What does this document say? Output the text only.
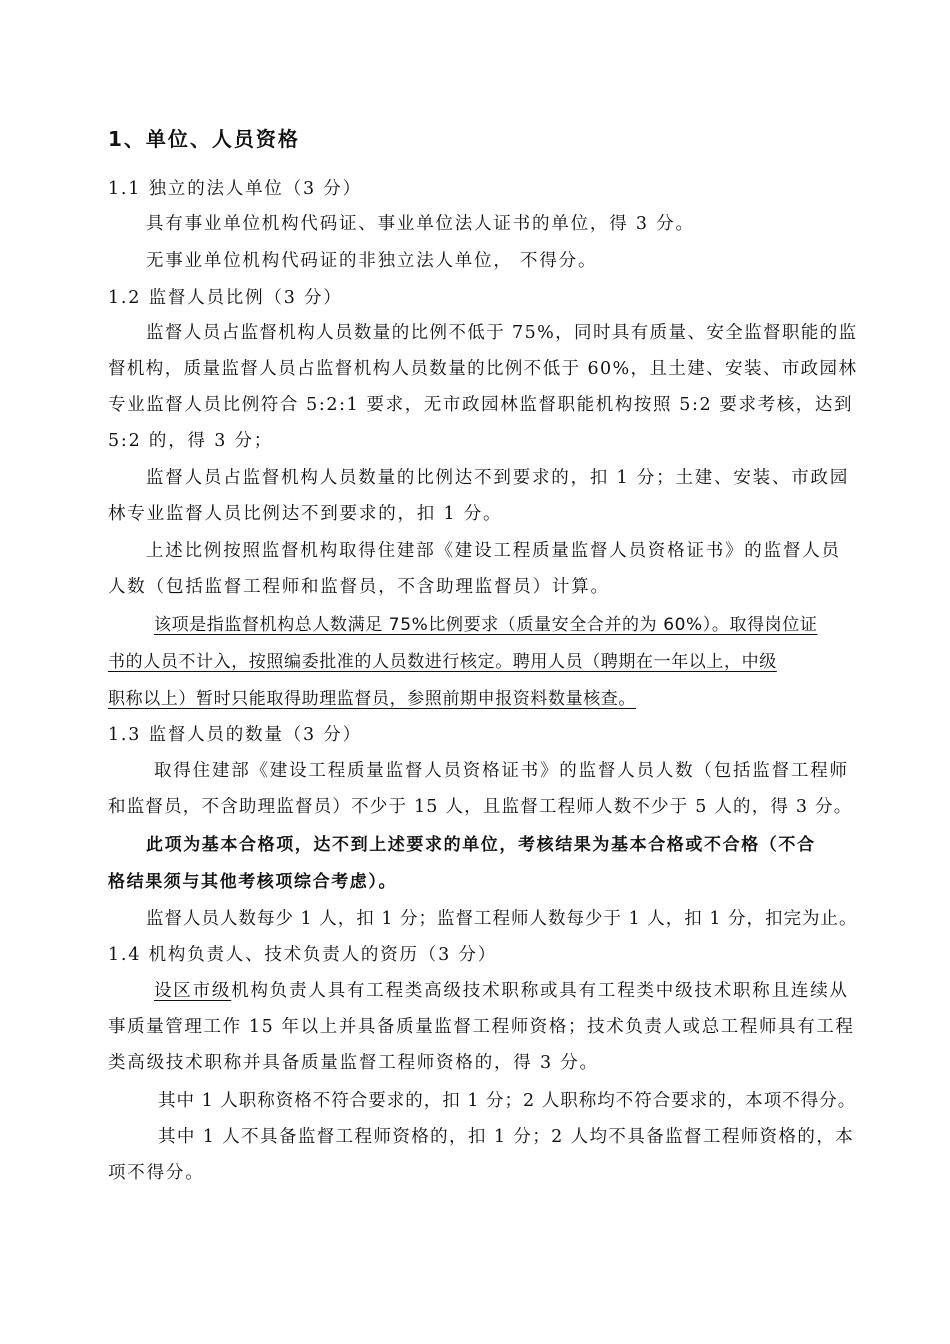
1、单位、人员资格

1.1 独立的法人单位（3 分）

具有事业单位机构代码证、事业单位法人证书的单位，得 3 分。

无事业单位机构代码证的非独立法人单位， 不得分。

1.2 监督人员比例（3 分）

监督人员占监督机构人员数量的比例不低于 75%，同时具有质量、安全监督职能的监

督机构，质量监督人员占监督机构人员数量的比例不低于 60%，且土建、安装、市政园林

专业监督人员比例符合 5:2:1 要求，无市政园林监督职能机构按照 5:2 要求考核，达到

5:2 的，得 3 分；

监督人员占监督机构人员数量的比例达不到要求的，扣 1 分；土建、安装、市政园

林专业监督人员比例达不到要求的，扣 1 分。

上述比例按照监督机构取得住建部《建设工程质量监督人员资格证书》的监督人员

人数（包括监督工程师和监督员，不含助理监督员）计算。

该项是指监督机构总人数满足 75%比例要求（质量安全合并的为 60%）。取得岗位证

书的人员不计入，按照编委批准的人员数进行核定。聘用人员（聘期在一年以上，中级

职称以上）暂时只能取得助理监督员，参照前期申报资料数量核查。

1.3 监督人员的数量（3 分）

取得住建部《建设工程质量监督人员资格证书》的监督人员人数（包括监督工程师

和监督员，不含助理监督员）不少于 15 人，且监督工程师人数不少于 5 人的，得 3 分。

此项为基本合格项，达不到上述要求的单位，考核结果为基本合格或不合格（不合

格结果须与其他考核项综合考虑）。

监督人员人数每少 1 人，扣 1 分；监督工程师人数每少于 1 人，扣 1 分，扣完为止。

1.4 机构负责人、技术负责人的资历（3 分）

设区市级机构负责人具有工程类高级技术职称或具有工程类中级技术职称且连续从

事质量管理工作 15 年以上并具备质量监督工程师资格；技术负责人或总工程师具有工程

类高级技术职称并具备质量监督工程师资格的，得 3 分。

其中 1 人职称资格不符合要求的，扣 1 分；2 人职称均不符合要求的，本项不得分。

其中 1 人不具备监督工程师资格的，扣 1 分；2 人均不具备监督工程师资格的，本

项不得分。
